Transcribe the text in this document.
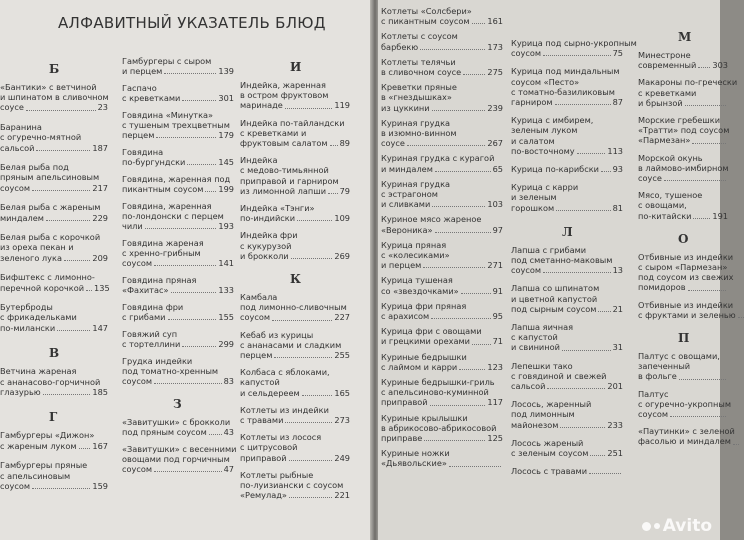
АЛФАВИТНЫЙ УКАЗАТЕЛЬ БЛЮД
Б
«Бантики» с ветчиной
и шпинатом в сливочном
соусе	23
Баранина
с огуречно-мятной
сальсой	187
Белая рыба под
пряным апельсиновым
соусом	217
Белая рыба с жареным
миндалем	229
Белая рыба с корочкой
из ореха пекан и
зеленого лука	209
Бифштекс с лимонно-
перечной корочкой 135
Бутерброды
с фрикадельками
по-милански	147
В
Ветчина жареная
с ананасово-горчичной
глазурью	185
Г
Гамбургеры «Дижон»
с жареным луком 167
Гамбургеры пряные
с апельсиновым
соусом	159
Гамбургеры с сыром
и перцем	139
Гаспачо
с креветками	301
Говядина «Минутка»
с тушеным трехцветным
перцем	179
Говядина
по-бургундски	145
Говядина, жаренная под
пикантным соусом 199
Говядина, жаренная
по-лондонски с перцем
чили	193
Говядина жареная
с хренно-грибным
соусом	141
Говядина пряная
«Фахитас»	133
Говядина фри
с грибами	155
Говяжий суп
с тортеллини	299
Грудка индейки
под томатно-хренным
соусом	83
З
«Завитушки» с брокколи
под пряным соусом 43
«Завитушки» с весенними
овощами под горчичным
соусом	47
И
Индейка, жаренная
в остром фруктовом
маринаде	119
Индейка по-тайландски
с креветками и
фруктовым салатом 89
Индейка
с медово-тимьянной
приправой и гарниром
из лимонной лапши 79
Индейка «Тэнги»
по-индийски	109
Индейка фри
с кукурузой
и брокколи	269
К
Камбала
под лимонно-сливочным
соусом	227
Кебаб из курицы
с ананасами и сладким
перцем	255
Колбаса с яблоками,
капустой
и сельдереем	165
Котлеты из индейки
с травами	273
Котлеты из лосося
с цитрусовой
приправой	249
Котлеты рыбные
по-луизиански с соусом
«Ремулад»	221
Котлеты «Солсбери»
с пикантным соусом 161
Котлеты с соусом
барбекю	173
Котлеты телячьи
в сливочном соусе	275
Креветки пряные
в «гнездышках»
из цуккини	239
Куриная грудка
в изюмно-винном
соусе	267
Куриная грудка с курагой
и миндалем	65
Куриная грудка
с эстрагоном
и сливками	103
Куриное мясо жареное
«Вероника»	97
Курица пряная
с «колесиками»
и перцем	271
Курица тушеная
со «звездочками»	91
Курица фри пряная
с арахисом	95
Курица фри с овощами
и грецкими орехами	71
Куриные бедрышки
с лаймом и карри	123
Куриные бедрышки-гриль
с апельсиново-куминной
приправой	117
Куриные крылышки
в абрикосово-абрикосовой
приправе	125
Куриные ножки
«Дьявольские»
Курица под сырно-укропным
соусом	75
Курица под миндальным
соусом «Песто»
с томатно-базиликовым
гарниром	87
Курица с имбирем,
зеленым луком
и салатом
по-восточному	113
Курица по-карибски 93
Курица с карри
и зеленым
горошком	81
Л
Лапша с грибами
под сметанно-маковым
соусом	13
Лапша со шпинатом
и цветной капустой
под сырным соусом 21
Лапша яичная
с капустой
и свининой	31
Лепешки тако
с говядиной и свежей
сальсой	201
Лосось, жаренный
под лимонным
майонезом	233
Лосось жареный
с зеленым соусом 251
Лосось с травами
М
Минестроне
современный 303
Макароны по-гречески
с креветками
и брынзой
Морские гребешки
«Тратти» под соусом
«Пармезан»
Морской окунь
в лаймово-имбирном
соусе
Мясо, тушеное
с овощами,
по-китайски	191
О
Отбивные из индейки
с сыром «Пармезан»
под соусом из свежих
помидоров
Отбивные из индейки
с фруктами и зеленью
П
Палтус с овощами,
запеченный
в фольге
Палтус
с огуречно-укропным
соусом
«Паутинки» с зеленой
фасолью и миндалем
Avito
